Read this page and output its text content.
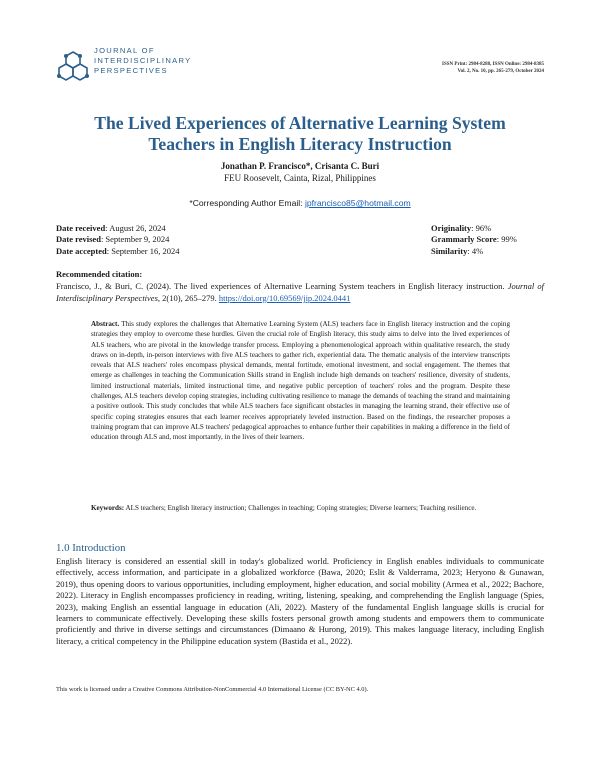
JOURNAL OF
INTERDISCIPLINARY
PERSPECTIVES
ISSN Print: 2984-8288, ISSN Online: 2984-8385
Vol. 2, No. 10, pp. 265-279, October 2024
The Lived Experiences of Alternative Learning System
Teachers in English Literacy Instruction
Jonathan P. Francisco*, Crisanta C. Buri
FEU Roosevelt, Cainta, Rizal, Philippines
*Corresponding Author Email: jpfrancisco85@hotmail.com
Date received: August 26, 2024
Date revised: September 9, 2024
Date accepted: September 16, 2024
Originality: 96%
Grammarly Score: 99%
Similarity: 4%
Recommended citation:
Francisco, J., & Buri, C. (2024). The lived experiences of Alternative Learning System teachers in English literacy instruction. Journal of Interdisciplinary Perspectives, 2(10), 265–279. https://doi.org/10.69569/jip.2024.0441
Abstract. This study explores the challenges that Alternative Learning System (ALS) teachers face in English literacy instruction and the coping strategies they employ to overcome these hurdles. Given the crucial role of English literacy, this study aims to delve into the lived experiences of ALS teachers, who are pivotal in the knowledge transfer process. Employing a phenomenological approach within qualitative research, the study draws on in-depth, in-person interviews with five ALS teachers to gather rich, experiential data. The thematic analysis of the interview transcripts reveals that ALS teachers' roles encompass physical demands, mental fortitude, emotional investment, and social engagement. The themes that emerge as challenges in teaching the Communication Skills strand in English include high demands on teachers' resilience, diversity of students, limited instructional materials, limited instructional time, and negative public perception of teachers' roles and the program. Despite these challenges, ALS teachers develop coping strategies, including cultivating resilience to manage the demands of teaching the strand and maintaining a positive outlook. This study concludes that while ALS teachers face significant obstacles in managing the learning strand, their effective use of specific coping strategies ensures that each learner receives appropriately leveled instruction. Based on the findings, the researcher proposes a training program that can improve ALS teachers' pedagogical approaches to enhance further their capabilities in making a difference in the field of education through ALS and, most importantly, in the lives of their learners.
Keywords: ALS teachers; English literacy instruction; Challenges in teaching; Coping strategies; Diverse learners; Teaching resilience.
1.0 Introduction
English literacy is considered an essential skill in today's globalized world. Proficiency in English enables individuals to communicate effectively, access information, and participate in a globalized workforce (Bawa, 2020; Eslit & Valderrama, 2023; Heryono & Gunawan, 2019), thus opening doors to various opportunities, including employment, higher education, and social mobility (Armea et al., 2022; Bachore, 2022). Literacy in English encompasses proficiency in reading, writing, listening, speaking, and comprehending the English language (Spies, 2023), making English an essential language in education (Ali, 2022). Mastery of the fundamental English language skills is crucial for learners to communicate effectively. Developing these skills fosters personal growth among students and empowers them to communicate proficiently and thrive in diverse settings and circumstances (Dimaano & Hurong, 2019). This makes language literacy, including English literacy, a critical competency in the Philippine education system (Bastida et al., 2022).
This work is licensed under a Creative Commons Attribution-NonCommercial 4.0 International License (CC BY-NC 4.0).
